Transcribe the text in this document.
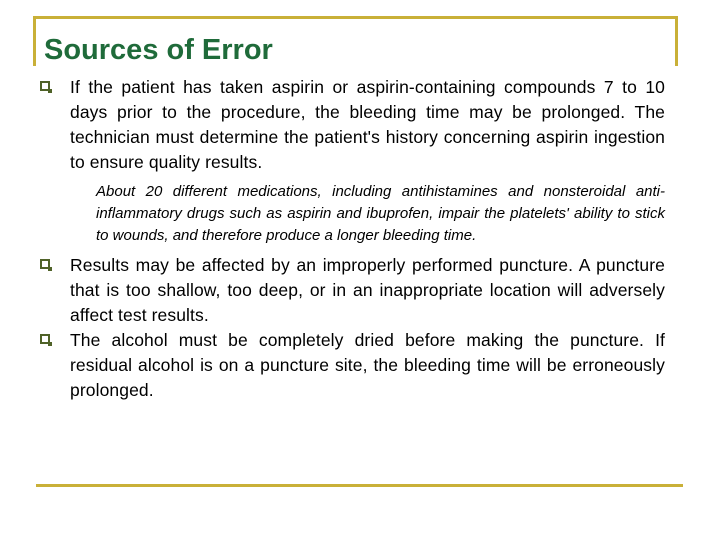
Sources of Error
If the patient has taken aspirin or aspirin-containing compounds 7 to 10 days prior to the procedure, the bleeding time may be prolonged. The technician must determine the patient's history concerning aspirin ingestion to ensure quality results.
About 20 different medications, including antihistamines and nonsteroidal anti-inflammatory drugs such as aspirin and ibuprofen, impair the platelets' ability to stick to wounds, and therefore produce a longer bleeding time.
Results may be affected by an improperly performed puncture. A puncture that is too shallow, too deep, or in an inappropriate location will adversely affect test results.
The alcohol must be completely dried before making the puncture. If residual alcohol is on a puncture site, the bleeding time will be erroneously prolonged.
